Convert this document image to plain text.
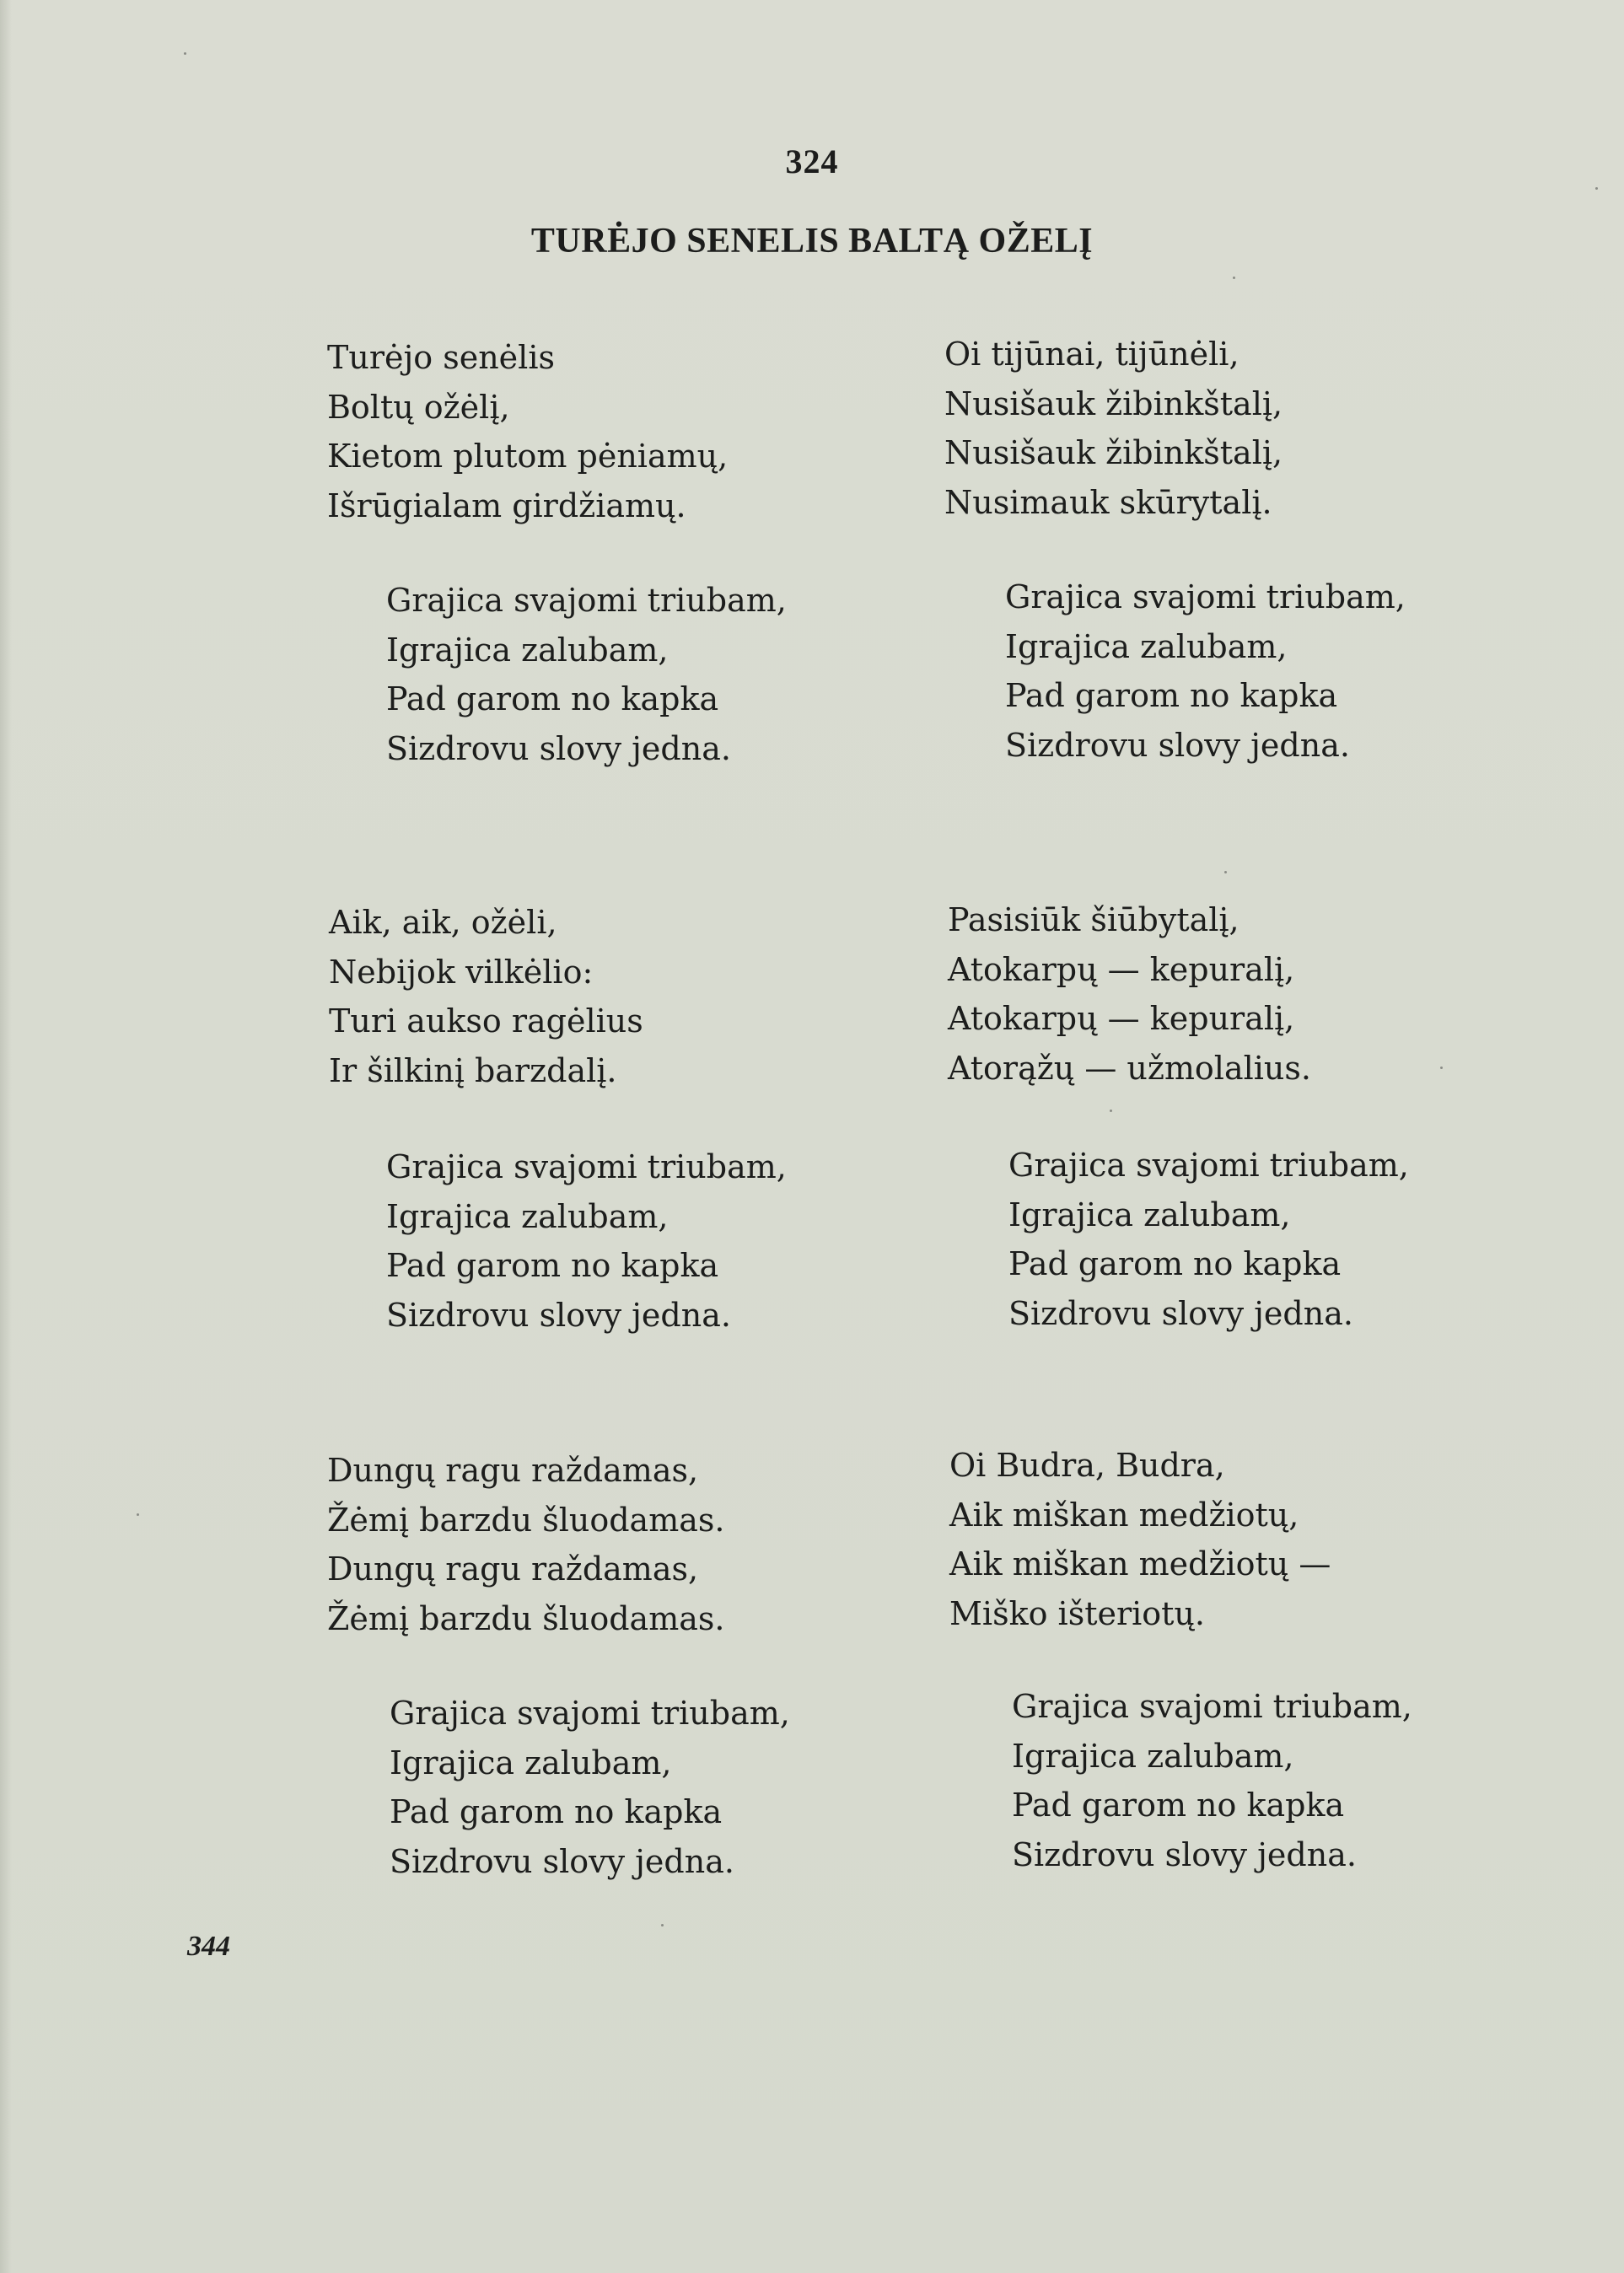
324
TURĖJO SENELIS BALTĄ OŽELĮ
Turėjo senėlis
Boltų ožėlį,
Kietom plutom pėniamų,
Išrūgialam girdžiamų.
Grajica svajomi triubam,
Igrajica zalubam,
Pad garom no kapka
Sizdrovu slovy jedna.
Aik, aik, ožėli,
Nebijok vilkėlio:
Turi aukso ragėlius
Ir šilkinį barzdalį.
Grajica svajomi triubam,
Igrajica zalubam,
Pad garom no kapka
Sizdrovu slovy jedna.
Dungų ragu raždamas,
Žėmį barzdu šluodamas.
Dungų ragu raždamas,
Žėmį barzdu šluodamas.
Grajica svajomi triubam,
Igrajica zalubam,
Pad garom no kapka
Sizdrovu slovy jedna.
Oi tijūnai, tijūnėli,
Nusišauk žibinkštalį,
Nusišauk žibinkštalį,
Nusimauk skūrytalį.
Grajica svajomi triubam,
Igrajica zalubam,
Pad garom no kapka
Sizdrovu slovy jedna.
Pasisiūk šiūbytalį,
Atokarpų — kepuralį,
Atokarpų — kepuralį,
Atorąžų — užmolalius.
Grajica svajomi triubam,
Igrajica zalubam,
Pad garom no kapka
Sizdrovu slovy jedna.
Oi Budra, Budra,
Aik miškan medžiotų,
Aik miškan medžiotų —
Miško išteriotų.
Grajica svajomi triubam,
Igrajica zalubam,
Pad garom no kapka
Sizdrovu slovy jedna.
344
